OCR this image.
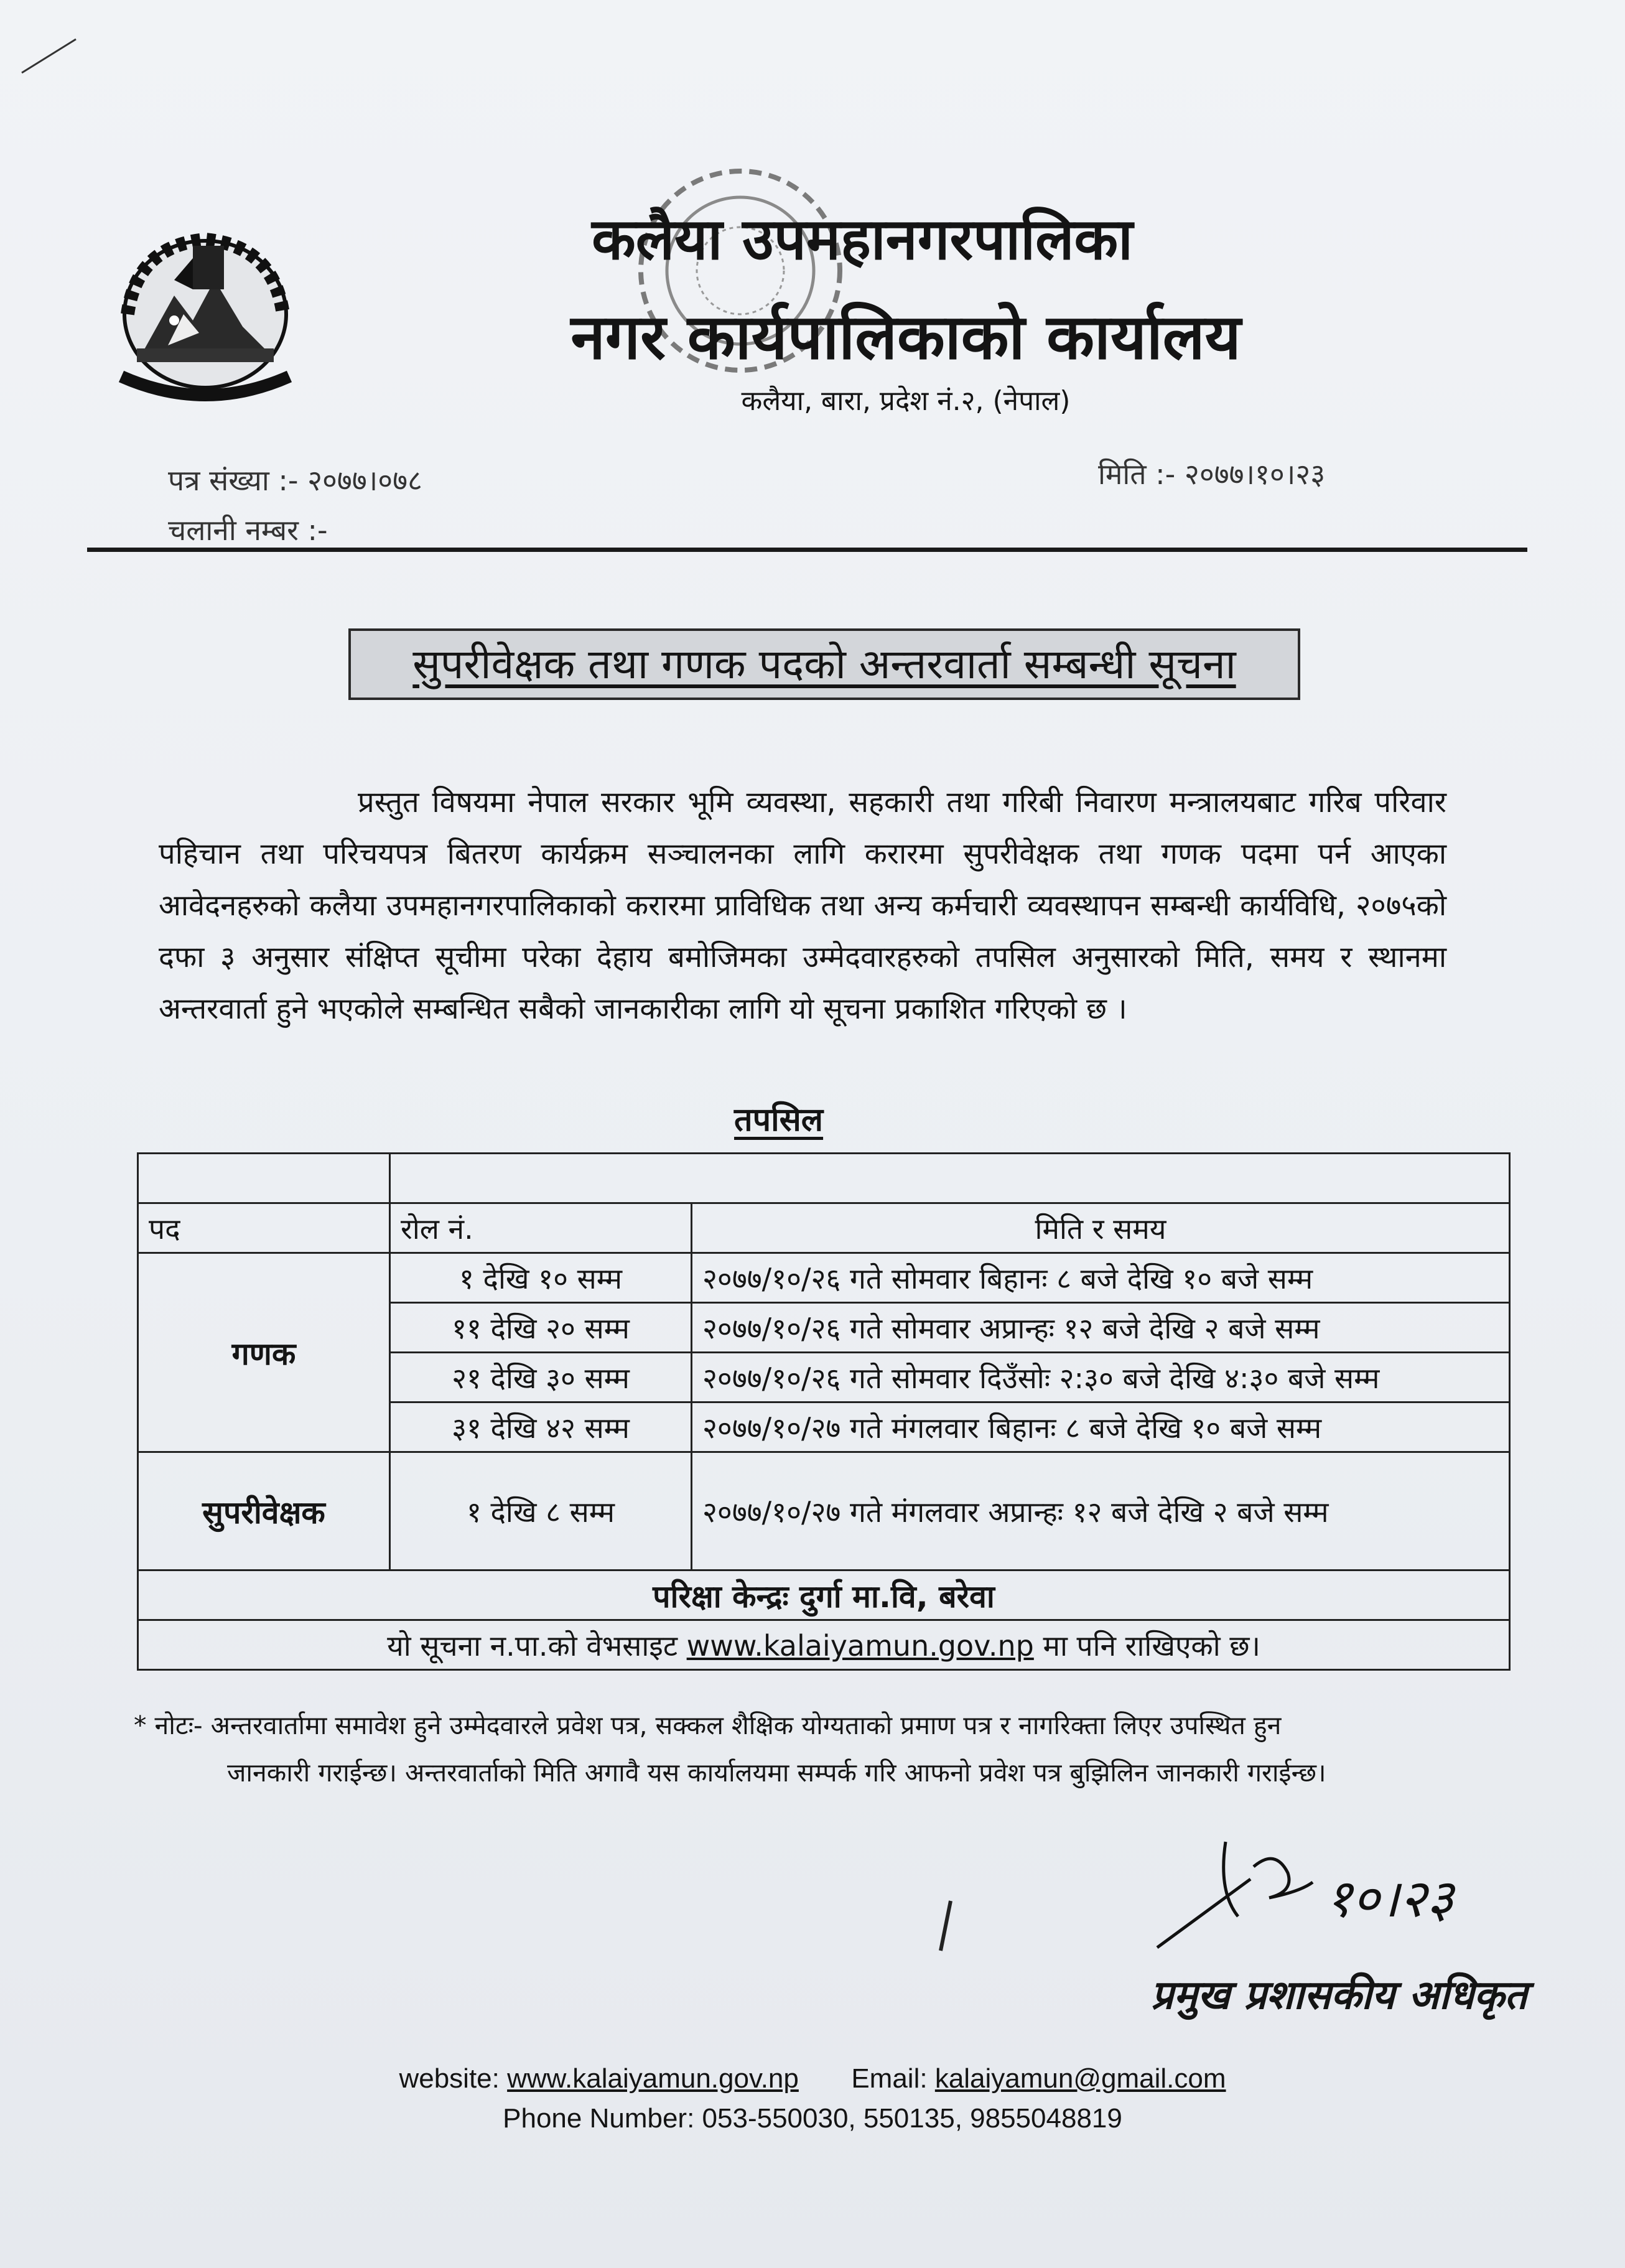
कलैया उपमहानगरपालिका
नगर कार्यपालिकाको कार्यालय
कलैया, बारा, प्रदेश नं.२, (नेपाल)
पत्र संख्या :- २०७७।०७८
चलानी नम्बर :-
मिति :- २०७७।१०।२३
सुपरीवेक्षक तथा गणक पदको अन्तरवार्ता सम्बन्धी सूचना
प्रस्तुत विषयमा नेपाल सरकार भूमि व्यवस्था, सहकारी तथा गरिबी निवारण मन्त्रालयबाट गरिब परिवार पहिचान तथा परिचयपत्र बितरण कार्यक्रम सञ्चालनका लागि करारमा सुपरीवेक्षक तथा गणक पदमा पर्न आएका आवेदनहरुको कलैया उपमहानगरपालिकाको करारमा प्राविधिक तथा अन्य कर्मचारी व्यवस्थापन सम्बन्धी कार्यविधि, २०७५को दफा ३ अनुसार संक्षिप्त सूचीमा परेका देहाय बमोजिमका उम्मेदवारहरुको तपसिल अनुसारको मिति, समय र स्थानमा अन्तरवार्ता हुने भएकोले सम्बन्धित सबैको जानकारीका लागि यो सूचना प्रकाशित गरिएको छ ।
तपसिल

पद	रोल नं.	मिति र समय
गणक	१ देखि १० सम्म	२०७७/१०/२६ गते सोमवार बिहानः ८ बजे देखि १० बजे सम्म
	११ देखि २० सम्म	२०७७/१०/२६ गते सोमवार अप्रान्हः १२ बजे देखि २ बजे सम्म
	२१ देखि ३० सम्म	२०७७/१०/२६ गते सोमवार दिउँसोः २:३० बजे देखि ४:३० बजे सम्म
	३१ देखि ४२ सम्म	२०७७/१०/२७ गते मंगलवार बिहानः ८ बजे देखि १० बजे सम्म
सुपरीवेक्षक	१ देखि ८ सम्म	२०७७/१०/२७ गते मंगलवार अप्रान्हः १२ बजे देखि २ बजे सम्म
परिक्षा केन्द्रः दुर्गा मा.वि, बरेवा		
यो सूचना न.पा.को वेभसाइट www.kalaiyamun.gov.np मा पनि राखिएको छ।		
* नोटः- अन्तरवार्तामा समावेश हुने उम्मेदवारले प्रवेश पत्र, सक्कल शैक्षिक योग्यताको प्रमाण पत्र र नागरिक्ता लिएर उपस्थित हुन
जानकारी गराईन्छ। अन्तरवार्ताको मिति अगावै यस कार्यालयमा सम्पर्क गरि आफनो प्रवेश पत्र बुझिलिन जानकारी गराईन्छ।
१०।२३
प्रमुख प्रशासकीय अधिकृत
website: www.kalaiyamun.gov.np Email: kalaiyamun@gmail.com
Phone Number: 053-550030, 550135, 9855048819
